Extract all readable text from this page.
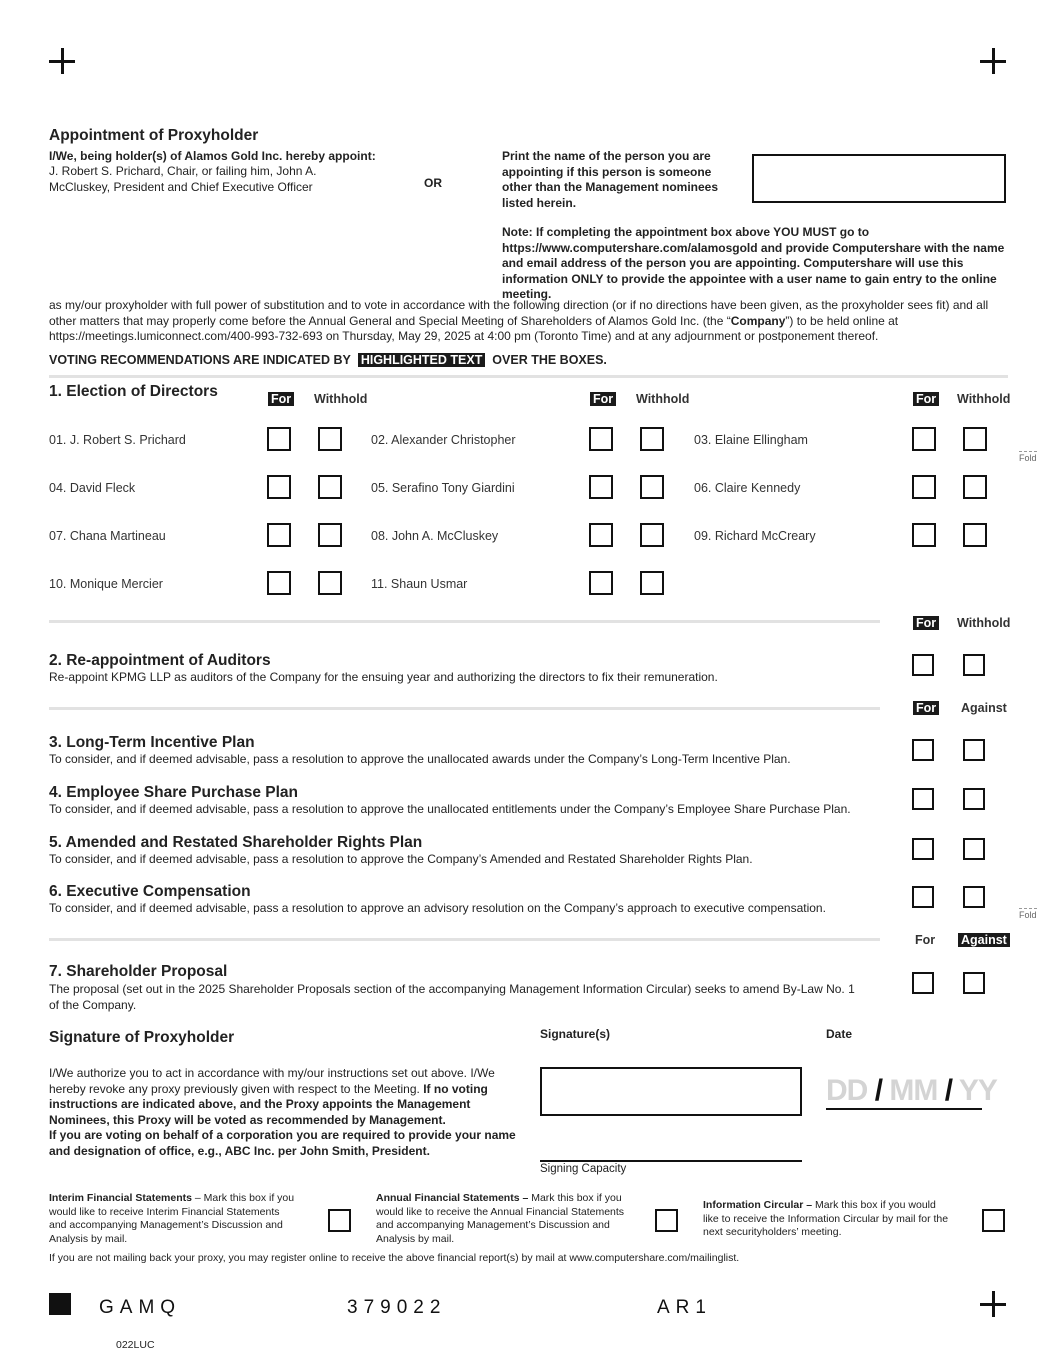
Appointment of Proxyholder
I/We, being holder(s) of Alamos Gold Inc. hereby appoint:
J. Robert S. Prichard, Chair, or failing him, John A. McCluskey, President and Chief Executive Officer	OR
Print the name of the person you are appointing if this person is someone other than the Management nominees listed herein.
Note: If completing the appointment box above YOU MUST go to https://www.computershare.com/alamosgold and provide Computershare with the name and email address of the person you are appointing. Computershare will use this information ONLY to provide the appointee with a user name to gain entry to the online meeting.
as my/our proxyholder with full power of substitution and to vote in accordance with the following direction (or if no directions have been given, as the proxyholder sees fit) and all other matters that may properly come before the Annual General and Special Meeting of Shareholders of Alamos Gold Inc. (the “Company”) to be held online at https://meetings.lumiconnect.com/400-993-732-693 on Thursday, May 29, 2025 at 4:00 pm (Toronto Time) and at any adjournment or postponement thereof.
VOTING RECOMMENDATIONS ARE INDICATED BY HIGHLIGHTED TEXT OVER THE BOXES.
1. Election of Directors	For Withhold	For Withhold	For Withhold
01. J. Robert S. Prichard	02. Alexander Christopher	03. Elaine Ellingham
04. David Fleck	05. Serafino Tony Giardini	06. Claire Kennedy
07. Chana Martineau	08. John A. McCluskey	09. Richard McCreary
10. Monique Mercier	11. Shaun Usmar
Fold
Fold
For Withhold
2. Re-appointment of Auditors
Re-appoint KPMG LLP as auditors of the Company for the ensuing year and authorizing the directors to fix their remuneration.
For Against
3. Long-Term Incentive Plan
To consider, and if deemed advisable, pass a resolution to approve the unallocated awards under the Company’s Long-Term Incentive Plan.
4. Employee Share Purchase Plan
To consider, and if deemed advisable, pass a resolution to approve the unallocated entitlements under the Company’s Employee Share Purchase Plan.
5. Amended and Restated Shareholder Rights Plan
To consider, and if deemed advisable, pass a resolution to approve the Company’s Amended and Restated Shareholder Rights Plan.
6. Executive Compensation
To consider, and if deemed advisable, pass a resolution to approve an advisory resolution on the Company’s approach to executive compensation.
For Against
7. Shareholder Proposal
The proposal (set out in the 2025 Shareholder Proposals section of the accompanying Management Information Circular) seeks to amend By-Law No. 1 of the Company.
Signature of Proxyholder	Signature(s)	Date
I/We authorize you to act in accordance with my/our instructions set out above. I/We hereby revoke any proxy previously given with respect to the Meeting. If no voting instructions are indicated above, and the Proxy appoints the Management Nominees, this Proxy will be voted as recommended by Management.
If you are voting on behalf of a corporation you are required to provide your name and designation of office, e.g., ABC Inc. per John Smith, President.
Signing Capacity
DD / MM / YY
Interim Financial Statements – Mark this box if you would like to receive Interim Financial Statements and accompanying Management’s Discussion and Analysis by mail.
Annual Financial Statements – Mark this box if you would like to receive the Annual Financial Statements and accompanying Management’s Discussion and Analysis by mail.
Information Circular – Mark this box if you would like to receive the Information Circular by mail for the next securityholders’ meeting.
If you are not mailing back your proxy, you may register online to receive the above financial report(s) by mail at www.computershare.com/mailinglist.
GAMQ	379022	AR1
022LUC
